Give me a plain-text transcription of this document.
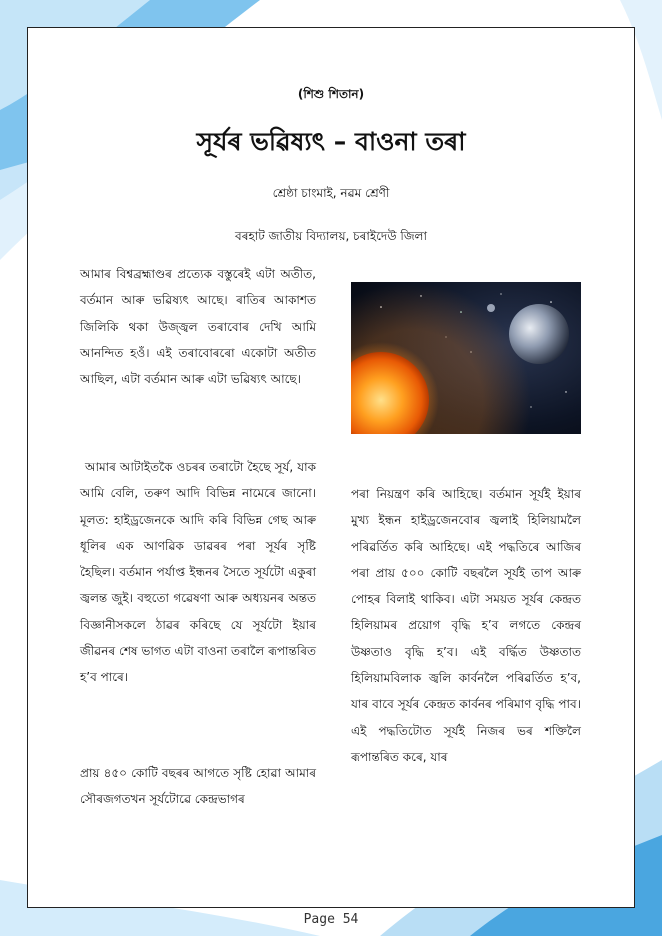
(শিশু শিতান)
সূৰ্যৰ ভৱিষ্যৎ – বাওনা তৰা
শ্ৰেষ্ঠা চাংমাই, নৱম শ্ৰেণী
বৰহাট জাতীয় বিদ্যালয়, চৰাইদেউ জিলা

আমাৰ বিশ্বব্ৰহ্মাণ্ডৰ প্ৰত্যেক বস্তুৰেই এটা অতীত, বৰ্তমান আৰু ভৱিষ্যৎ আছে। ৰাতিৰ আকাশত জিলিকি থকা উজ্জ্বল তৰাবোৰ দেখি আমি আনন্দিত হওঁ। এই তৰাবোৰৰো একোটা অতীত আছিল, এটা বৰ্তমান আৰু এটা ভৱিষ্যৎ আছে।

আমাৰ আটাইতকৈ ওচৰৰ তৰাটো হৈছে সূৰ্য, যাক আমি বেলি, তৰুণ আদি বিভিন্ন নামেৰে জানো। মূলত: হাইড্ৰজেনকে আদি কৰি বিভিন্ন গেছ আৰু ধূলিৰ এক আণৱিক ডাৱৰৰ পৰা সূৰ্যৰ সৃষ্টি হৈছিল। বৰ্তমান পৰ্যাপ্ত ইন্ধনৰ সৈতে সূৰ্যটো একুৰা জ্বলন্ত জুই। বহুতো গৱেষণা আৰু অধ্যয়নৰ অন্তত বিজ্ঞানীসকলে ঠাৱৰ কৰিছে যে সূৰ্যটো ইয়াৰ জীৱনৰ শেষ ভাগত এটা বাওনা তৰালৈ ৰূপান্তৰিত হ’ব পাৰে।

প্ৰায় ৪৫০ কোটি বছৰৰ আগতে সৃষ্টি হোৱা আমাৰ সৌৰজগতখন সূৰ্যটোৱে কেন্দ্ৰভাগৰ

পৰা নিয়ন্ত্ৰণ কৰি আহিছে। বৰ্তমান সূৰ্যই ইয়াৰ মুখ্য ইন্ধন হাইড্ৰজেনবোৰ জ্বলাই হিলিয়ামলৈ পৰিৱৰ্তিত কৰি আহিছে। এই পদ্ধতিৰে আজিৰ পৰা প্ৰায় ৫০০ কোটি বছৰলৈ সূৰ্যই তাপ আৰু পোহৰ বিলাই থাকিব। এটা সময়ত সূৰ্যৰ কেন্দ্ৰত হিলিয়ামৰ প্ৰয়োগ বৃদ্ধি হ’ব লগতে কেন্দ্ৰৰ উষ্ণতাও বৃদ্ধি হ’ব। এই বৰ্দ্ধিত উষ্ণতাত হিলিয়ামবিলাক জ্বলি কাৰ্বনলৈ পৰিৱৰ্তিত হ’ব, যাৰ বাবে সূৰ্যৰ কেন্দ্ৰত কাৰ্বনৰ পৰিমাণ বৃদ্ধি পাব। এই পদ্ধতিটোত সূৰ্যই নিজৰ ভৰ শক্তিলৈ ৰূপান্তৰিত কৰে, যাৰ

Page 54
